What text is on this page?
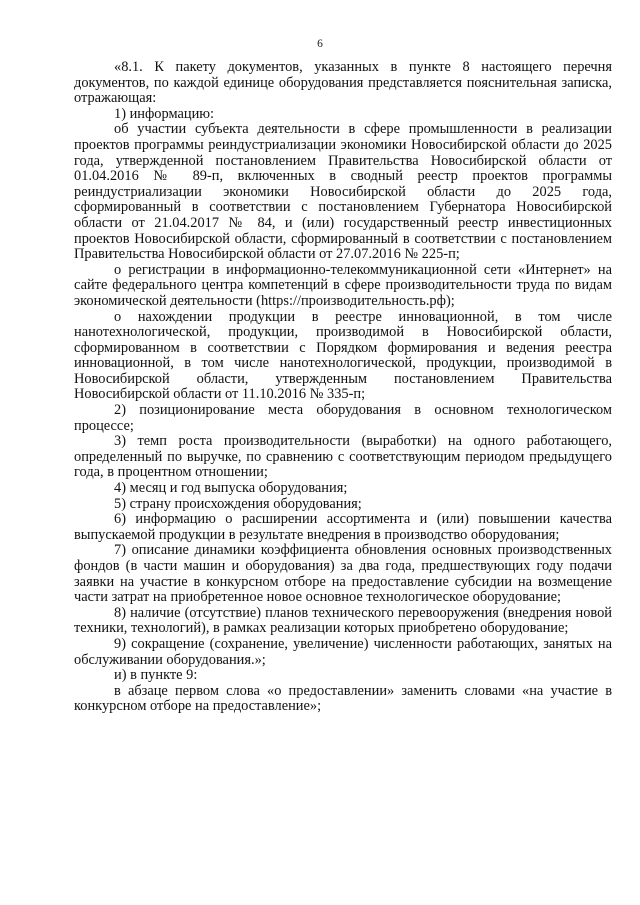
6

«8.1. К пакету документов, указанных в пункте 8 настоящего перечня документов, по каждой единице оборудования представляется пояснительная записка, отражающая:

1) информацию:

об участии субъекта деятельности в сфере промышленности в реализации проектов программы реиндустриализации экономики Новосибирской области до 2025 года, утвержденной постановлением Правительства Новосибирской области от 01.04.2016 № 89-п, включенных в сводный реестр проектов программы реиндустриализации экономики Новосибирской области до 2025 года, сформированный в соответствии с постановлением Губернатора Новосибирской области от 21.04.2017 № 84, и (или) государственный реестр инвестиционных проектов Новосибирской области, сформированный в соответствии с постановлением Правительства Новосибирской области от 27.07.2016 № 225-п;

о регистрации в информационно-телекоммуникационной сети «Интернет» на сайте федерального центра компетенций в сфере производительности труда по видам экономической деятельности (https://производительность.рф);

о нахождении продукции в реестре инновационной, в том числе нанотехнологической, продукции, производимой в Новосибирской области, сформированном в соответствии с Порядком формирования и ведения реестра инновационной, в том числе нанотехнологической, продукции, производимой в Новосибирской области, утвержденным постановлением Правительства Новосибирской области от 11.10.2016 № 335-п;

2) позиционирование места оборудования в основном технологическом процессе;

3) темп роста производительности (выработки) на одного работающего, определенный по выручке, по сравнению с соответствующим периодом предыдущего года, в процентном отношении;

4) месяц и год выпуска оборудования;

5) страну происхождения оборудования;

6) информацию о расширении ассортимента и (или) повышении качества выпускаемой продукции в результате внедрения в производство оборудования;

7) описание динамики коэффициента обновления основных производственных фондов (в части машин и оборудования) за два года, предшествующих году подачи заявки на участие в конкурсном отборе на предоставление субсидии на возмещение части затрат на приобретенное новое основное технологическое оборудование;

8) наличие (отсутствие) планов технического перевооружения (внедрения новой техники, технологий), в рамках реализации которых приобретено оборудование;

9) сокращение (сохранение, увеличение) численности работающих, занятых на обслуживании оборудования.»;

и) в пункте 9:

в абзаце первом слова «о предоставлении» заменить словами «на участие в конкурсном отборе на предоставление»;
